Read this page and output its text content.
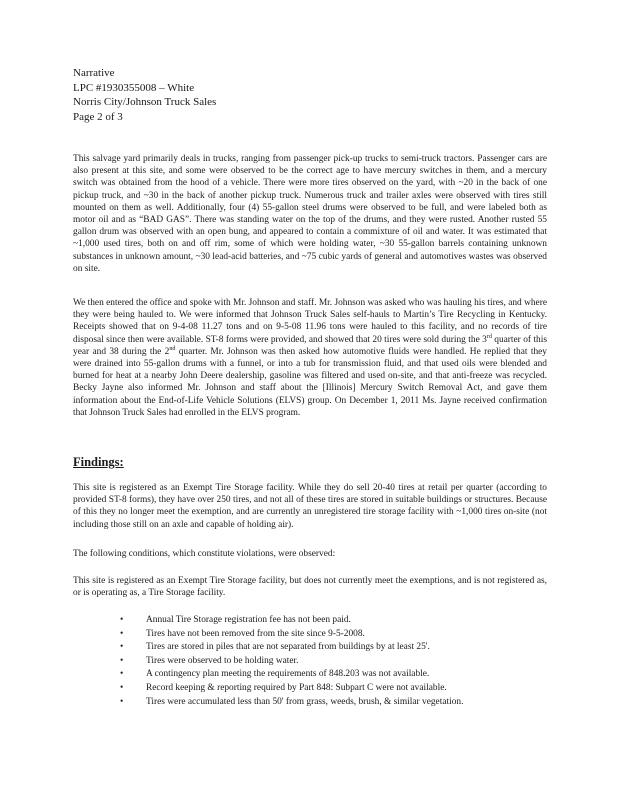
Narrative
LPC #1930355008 – White
Norris City/Johnson Truck Sales
Page 2 of 3
This salvage yard primarily deals in trucks, ranging from passenger pick-up trucks to semi-truck tractors. Passenger cars are also present at this site, and some were observed to be the correct age to have mercury switches in them, and a mercury switch was obtained from the hood of a vehicle. There were more tires observed on the yard, with ~20 in the back of one pickup truck, and ~30 in the back of another pickup truck. Numerous truck and trailer axles were observed with tires still mounted on them as well. Additionally, four (4) 55-gallon steel drums were observed to be full, and were labeled both as motor oil and as “BAD GAS”. There was standing water on the top of the drums, and they were rusted. Another rusted 55 gallon drum was observed with an open bung, and appeared to contain a commixture of oil and water. It was estimated that ~1,000 used tires, both on and off rim, some of which were holding water, ~30 55-gallon barrels containing unknown substances in unknown amount, ~30 lead-acid batteries, and ~75 cubic yards of general and automotives wastes was observed on site.
We then entered the office and spoke with Mr. Johnson and staff. Mr. Johnson was asked who was hauling his tires, and where they were being hauled to. We were informed that Johnson Truck Sales self-hauls to Martin’s Tire Recycling in Kentucky. Receipts showed that on 9-4-08 11.27 tons and on 9-5-08 11.96 tons were hauled to this facility, and no records of tire disposal since then were available. ST-8 forms were provided, and showed that 20 tires were sold during the 3rd quarter of this year and 38 during the 2nd quarter. Mr. Johnson was then asked how automotive fluids were handled. He replied that they were drained into 55-gallon drums with a funnel, or into a tub for transmission fluid, and that used oils were blended and burned for heat at a nearby John Deere dealership, gasoline was filtered and used on-site, and that anti-freeze was recycled. Becky Jayne also informed Mr. Johnson and staff about the [Illinois] Mercury Switch Removal Act, and gave them information about the End-of-Life Vehicle Solutions (ELVS) group. On December 1, 2011 Ms. Jayne received confirmation that Johnson Truck Sales had enrolled in the ELVS program.
Findings:
This site is registered as an Exempt Tire Storage facility. While they do sell 20-40 tires at retail per quarter (according to provided ST-8 forms), they have over 250 tires, and not all of these tires are stored in suitable buildings or structures. Because of this they no longer meet the exemption, and are currently an unregistered tire storage facility with ~1,000 tires on-site (not including those still on an axle and capable of holding air).
The following conditions, which constitute violations, were observed:
This site is registered as an Exempt Tire Storage facility, but does not currently meet the exemptions, and is not registered as, or is operating as, a Tire Storage facility.
• Annual Tire Storage registration fee has not been paid.
• Tires have not been removed from the site since 9-5-2008.
• Tires are stored in piles that are not separated from buildings by at least 25'.
• Tires were observed to be holding water.
• A contingency plan meeting the requirements of 848.203 was not available.
• Record keeping & reporting required by Part 848: Subpart C were not available.
• Tires were accumulated less than 50' from grass, weeds, brush, & similar vegetation.
